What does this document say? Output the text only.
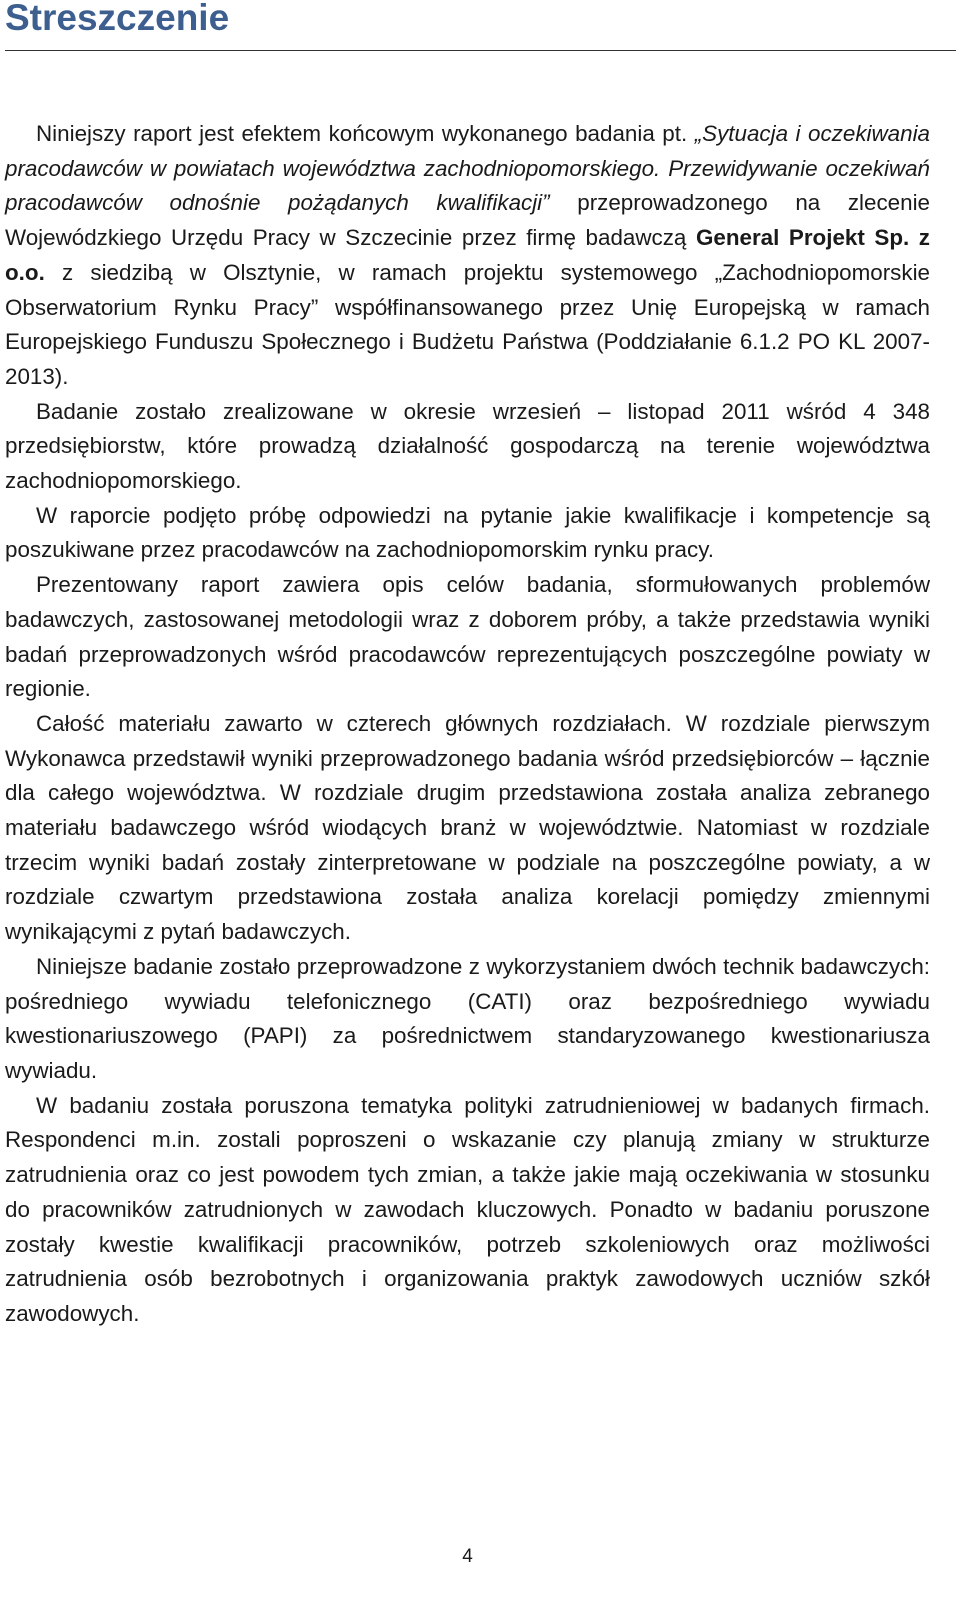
Streszczenie

Niniejszy raport jest efektem końcowym wykonanego badania pt. „Sytuacja i oczekiwania pracodawców w powiatach województwa zachodniopomorskiego. Przewidywanie oczekiwań pracodawców odnośnie pożądanych kwalifikacji” przeprowadzonego na zlecenie Wojewódzkiego Urzędu Pracy w Szczecinie przez firmę badawczą General Projekt Sp. z o.o. z siedzibą w Olsztynie, w ramach projektu systemowego „Zachodniopomorskie Obserwatorium Rynku Pracy” współfinansowanego przez Unię Europejską w ramach Europejskiego Funduszu Społecznego i Budżetu Państwa (Poddziałanie 6.1.2 PO KL 2007-2013).

Badanie zostało zrealizowane w okresie wrzesień – listopad 2011 wśród 4 348 przedsiębiorstw, które prowadzą działalność gospodarczą na terenie województwa zachodniopomorskiego.

W raporcie podjęto próbę odpowiedzi na pytanie jakie kwalifikacje i kompetencje są poszukiwane przez pracodawców na zachodniopomorskim rynku pracy.

Prezentowany raport zawiera opis celów badania, sformułowanych problemów badawczych, zastosowanej metodologii wraz z doborem próby, a także przedstawia wyniki badań przeprowadzonych wśród pracodawców reprezentujących poszczególne powiaty w regionie.

Całość materiału zawarto w czterech głównych rozdziałach. W rozdziale pierwszym Wykonawca przedstawił wyniki przeprowadzonego badania wśród przedsiębiorców – łącznie dla całego województwa. W rozdziale drugim przedstawiona została analiza zebranego materiału badawczego wśród wiodących branż w województwie. Natomiast w rozdziale trzecim wyniki badań zostały zinterpretowane w podziale na poszczególne powiaty, a w rozdziale czwartym przedstawiona została analiza korelacji pomiędzy zmiennymi wynikającymi z pytań badawczych.

Niniejsze badanie zostało przeprowadzone z wykorzystaniem dwóch technik badawczych: pośredniego wywiadu telefonicznego (CATI) oraz bezpośredniego wywiadu kwestionariuszowego (PAPI) za pośrednictwem standaryzowanego kwestionariusza wywiadu.

W badaniu została poruszona tematyka polityki zatrudnieniowej w badanych firmach. Respondenci m.in. zostali poproszeni o wskazanie czy planują zmiany w strukturze zatrudnienia oraz co jest powodem tych zmian, a także jakie mają oczekiwania w stosunku do pracowników zatrudnionych w zawodach kluczowych. Ponadto w badaniu poruszone zostały kwestie kwalifikacji pracowników, potrzeb szkoleniowych oraz możliwości zatrudnienia osób bezrobotnych i organizowania praktyk zawodowych uczniów szkół zawodowych.

4
